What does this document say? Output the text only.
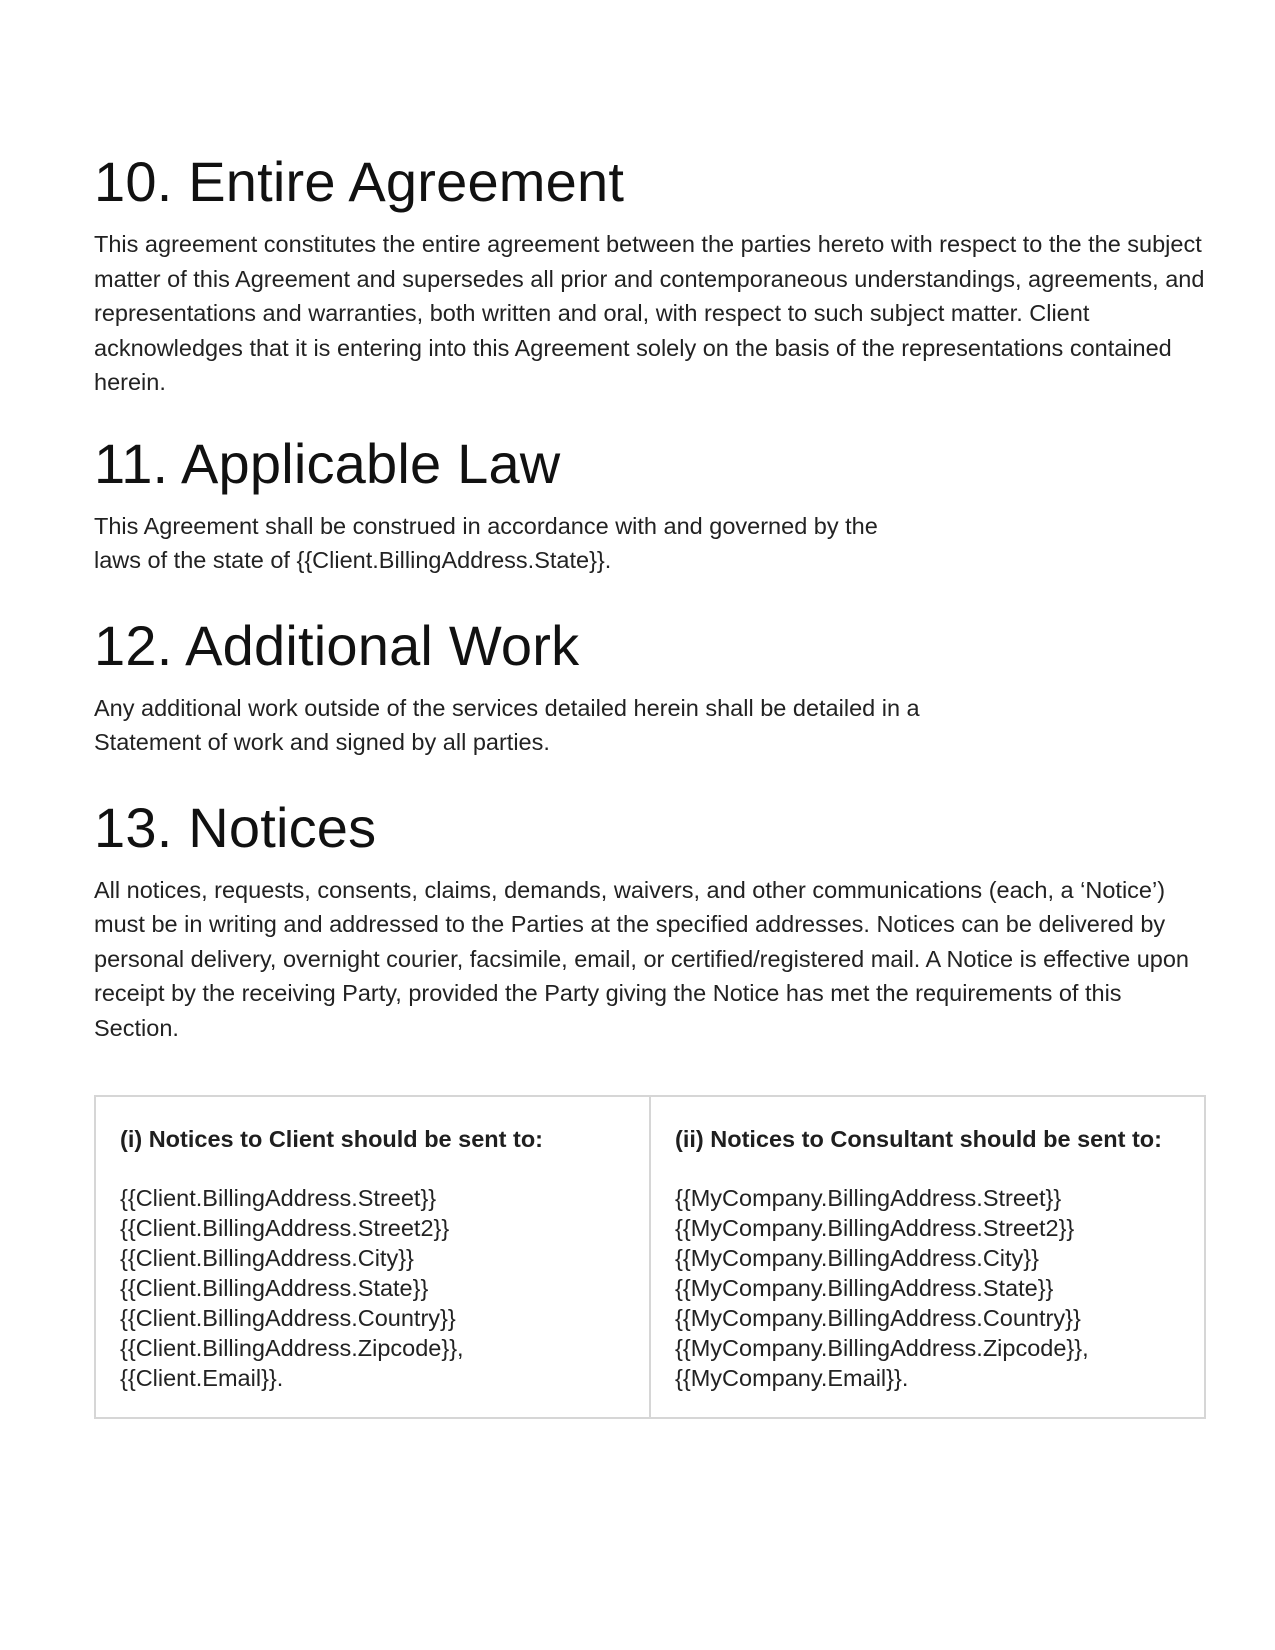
10. Entire Agreement

This agreement constitutes the entire agreement between the parties hereto with respect to the the subject matter of this Agreement and supersedes all prior and contemporaneous understandings, agreements, and representations and warranties, both written and oral, with respect to such subject matter. Client acknowledges that it is entering into this Agreement solely on the basis of the representations contained herein.

11. Applicable Law

This Agreement shall be construed in accordance with and governed by the laws of the state of {{Client.BillingAddress.State}}.

12. Additional Work

Any additional work outside of the services detailed herein shall be detailed in a Statement of work and signed by all parties.

13. Notices

All notices, requests, consents, claims, demands, waivers, and other communications (each, a ‘Notice’) must be in writing and addressed to the Parties at the specified addresses. Notices can be delivered by personal delivery, overnight courier, facsimile, email, or certified/registered mail. A Notice is effective upon receipt by the receiving Party, provided the Party giving the Notice has met the requirements of this Section.

(i) Notices to Client should be sent to:
{{Client.BillingAddress.Street}}
{{Client.BillingAddress.Street2}}
{{Client.BillingAddress.City}}
{{Client.BillingAddress.State}}
{{Client.BillingAddress.Country}}
{{Client.BillingAddress.Zipcode}},
{{Client.Email}}.
(ii) Notices to Consultant should be sent to:
{{MyCompany.BillingAddress.Street}}
{{MyCompany.BillingAddress.Street2}}
{{MyCompany.BillingAddress.City}}
{{MyCompany.BillingAddress.State}}
{{MyCompany.BillingAddress.Country}}
{{MyCompany.BillingAddress.Zipcode}},
{{MyCompany.Email}}.
